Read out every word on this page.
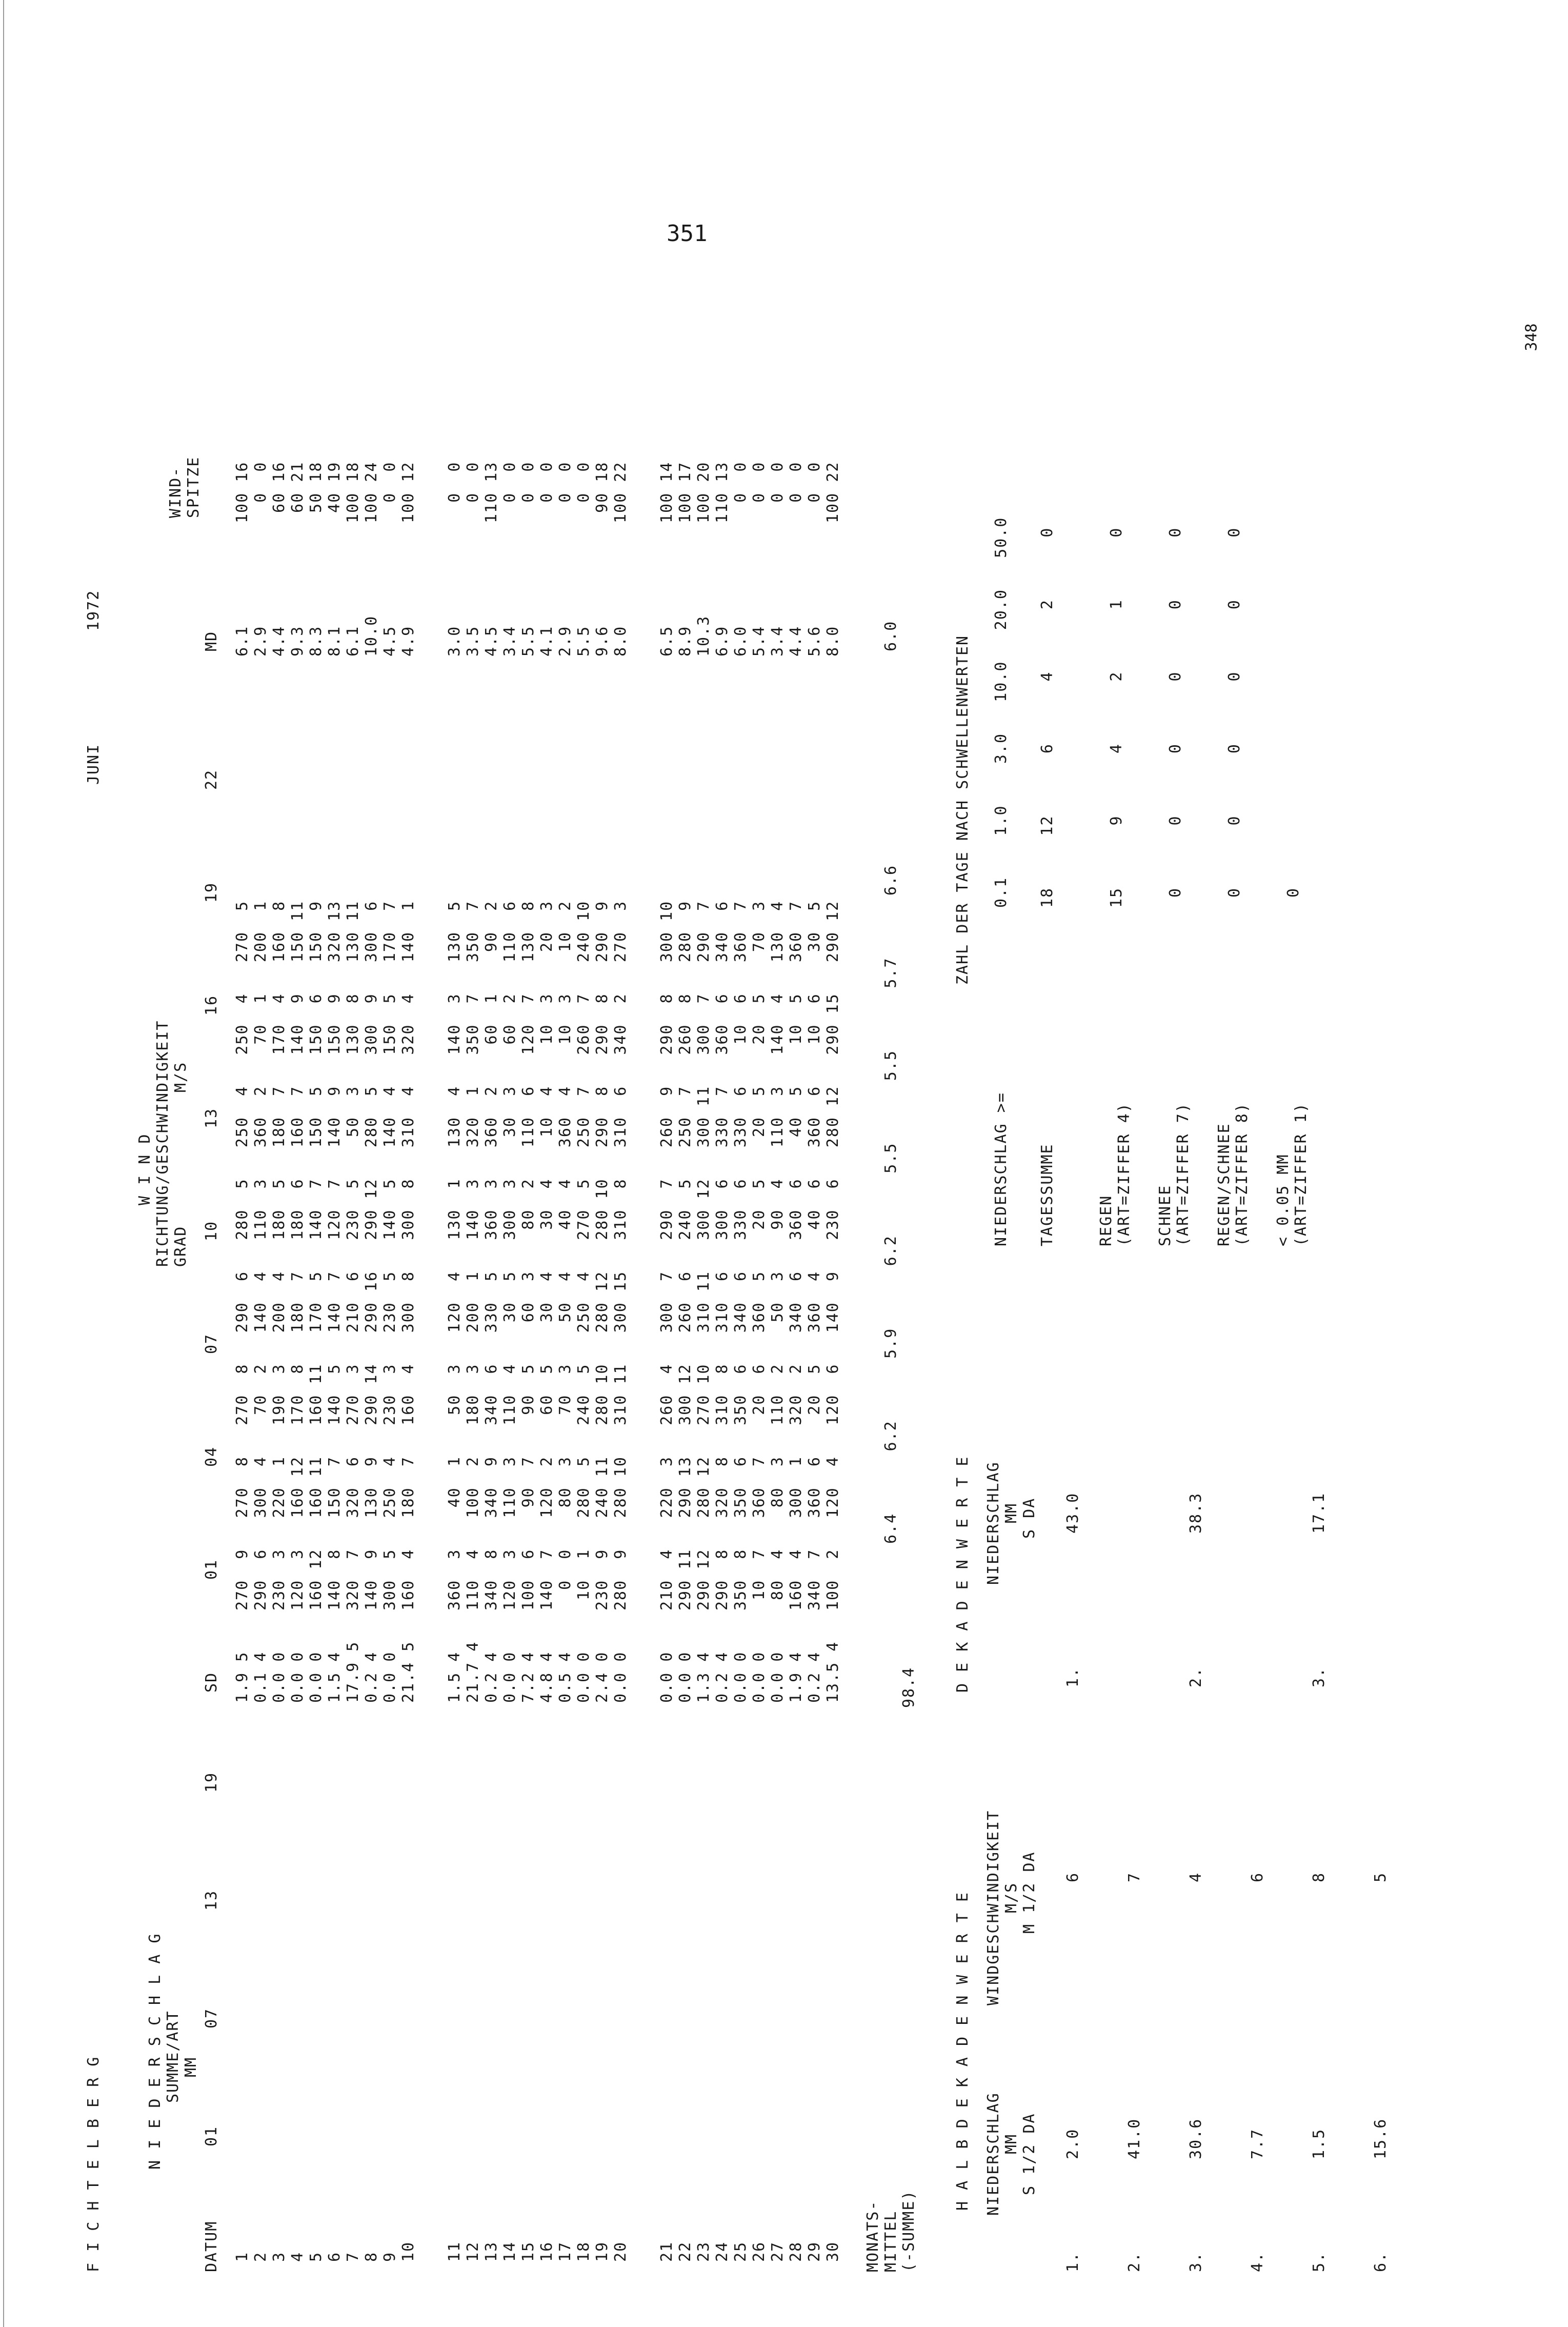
351
348
F I C H T E L B E R G
JUNI
1972
N I E D E R S C H L A G SUMME/ART MM
W I N D RICHTUNG/GESCHWINDIGKEIT GRAD
M/S
WIND-
DATUM
01
07
13
19
SD
01
04
07
10
13
16
19
22
MD
SPITZE
1
1.9 5
270  9   270  8   270  8   290  6   280  5   250  4   250  4   270  5
6.1
100 16
2
0.1 4
290  6   300  4    70  2   140  4   110  3   360  2    70  1   200  1
2.9
0  0
3
0.0 0
230  3   220  1   190  3   200  4   180  5   180  7   170  4   160  8
4.4
60 16
4
0.0 0
120  3   160 12   170  8   180  7   180  6   160  7   140  9   150 11
9.3
60 21
5
0.0 0
160 12   160 11   160 11   170  5   140  7   150  5   150  6   150  9
8.3
50 18
6
1.5 4
140  8   150  7   140  5   140  7   120  7   140  9   150  9   320 13
8.1
40 19
7
17.9 5
320  7   320  6   270  3   210  6   230  5    50  3   130  8   130 11
6.1
100 18
8
0.2 4
140  9   130  9   290 14   290 16   290 12   280  5   300  9   300  6
10.0
100 24
9
0.0 0
300  5   250  4   230  3   230  5   140  5   140  4   150  5   170  7
4.5
0  0
10
21.4 5
160  4   180  7   160  4   300  8   300  8   310  4   320  4   140  1
4.9
100 12
11
1.5 4
360  3    40  1    50  3   120  4   130  1   130  4   140  3   130  5
3.0
0  0
12
21.7 4
110  4   100  2   180  3   200  1   140  3   320  1   350  7   350  7
3.5
0  0
13
0.2 4
340  8   340  9   340  6   330  5   360  3   360  2    60  1    90  2
4.5
110 13
14
0.0 0
120  3   110  3   110  4    30  5   300  3    30  3    60  2   110  6
3.4
0  0
15
7.2 4
100  6    90  7    90  5    60  3    80  2   110  6   120  7   130  8
5.5
0  0
16
4.8 4
140  7   120  2    60  5    30  4    30  4    10  4    10  3    20  3
4.1
0  0
17
0.5 4
0  0    80  3    70  3    50  4    40  4   360  4    10  3    10  2
2.9
0  0
18
0.0 0
10  1   280  5   240  5   250  4   270  5   250  7   260  7   240 10
5.5
0  0
19
2.4 0
230  9   240 11   280 10   280 12   280 10   290  8   290  8   290  9
9.6
90 18
20
0.0 0
280  9   280 10   310 11   300 15   310  8   310  6   340  2   270  3
8.0
100 22
21
0.0 0
210  4   220  3   260  4   300  7   290  7   260  9   290  8   300 10
6.5
100 14
22
0.0 0
290 11   290 13   300 12   260  6   240  5   250  7   260  8   280  9
8.9
100 17
23
1.3 4
290 12   280 12   270 10   310 11   300 12   300 11   300  7   290  7
10.3
100 20
24
0.2 4
290  8   320  8   310  8   310  6   300  6   330  7   360  6   340  6
6.9
110 13
25
0.0 0
350  8   350  6   350  6   340  6   330  6   330  6    10  6   360  7
6.0
0  0
26
0.0 0
10  7   360  7    20  6   360  5    20  5    20  5    20  5    70  3
5.4
0  0
27
0.0 0
80  4    80  3   110  2    50  3    90  4   110  3   140  4   130  4
3.4
0  0
28
1.9 4
160  4   300  1   320  2   340  6   360  6    40  5    10  5   360  7
4.4
0  0
29
0.2 4
340  7   360  6    20  5   360  4    40  6   360  6    10  6    30  5
5.6
0  0
30
13.5 4
100  2   120  4   120  6   140  9   230  6   280 12   290 15   290 12
8.0
100 22
MONATS- MITTEL (-SUMME)
98.4
6.4      6.2      5.9      6.2      5.5      5.5      5.7      6.6
6.0
H A L B D E K A D E N W E R T E NIEDERSCHLAG MM S 1/2 DA
WINDGESCHWINDIGKEIT M/S M 1/2 DA
1.
2.0
6
2.
41.0
7
3.
30.6
4
4.
7.7
6
5.
1.5
8
6.
15.6
5
D E K A D E N W E R T E NIEDERSCHLAG MM S DA
1.
43.0
2.
38.3
3.
17.1
ZAHL DER TAGE NACH SCHWELLENWERTEN
NIEDERSCHLAG >=
0.1    1.0    3.0   10.0   20.0   50.0
TAGESSUMME
18     12      6      4      2      0
REGEN (ART=ZIFFER 4)
15      9      4      2      1      0
SCHNEE (ART=ZIFFER 7)
0      0      0      0      0      0
REGEN/SCHNEE (ART=ZIFFER 8)
0      0      0      0      0      0
< 0.05 MM (ART=ZIFFER 1)
0
